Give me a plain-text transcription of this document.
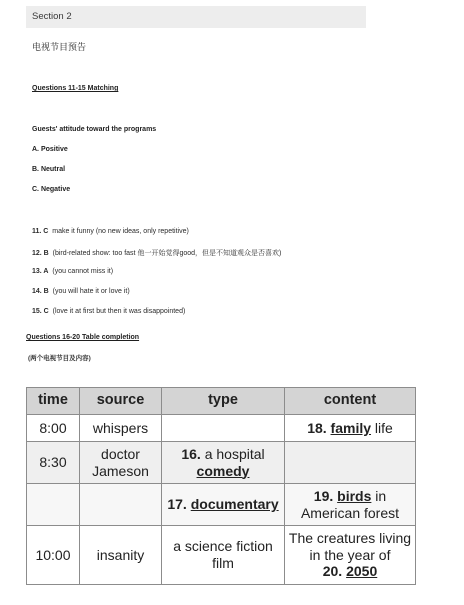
Section 2
电视节目预告
Questions 11-15 Matching
Guests' attitude toward the programs
A. Positive
B. Neutral
C. Negative
11. C make it funny (no new ideas, only repetitive)
12. B (bird-related show: too fast 他一开始觉得good，但是不知道观众是否喜欢)
13. A (you cannot miss it)
14. B (you will hate it or love it)
15. C (love it at first but then it was disappointed)
Questions 16-20 Table completion
(两个电视节目及内容)
time	source	type	content
8:00	whispers		18. family life
8:30	doctor Jameson	16. a hospital
comedy	
		17. documentary	19. birds in American forest
10:00	insanity	a science fiction film	The creatures living in the year of
20. 2050
